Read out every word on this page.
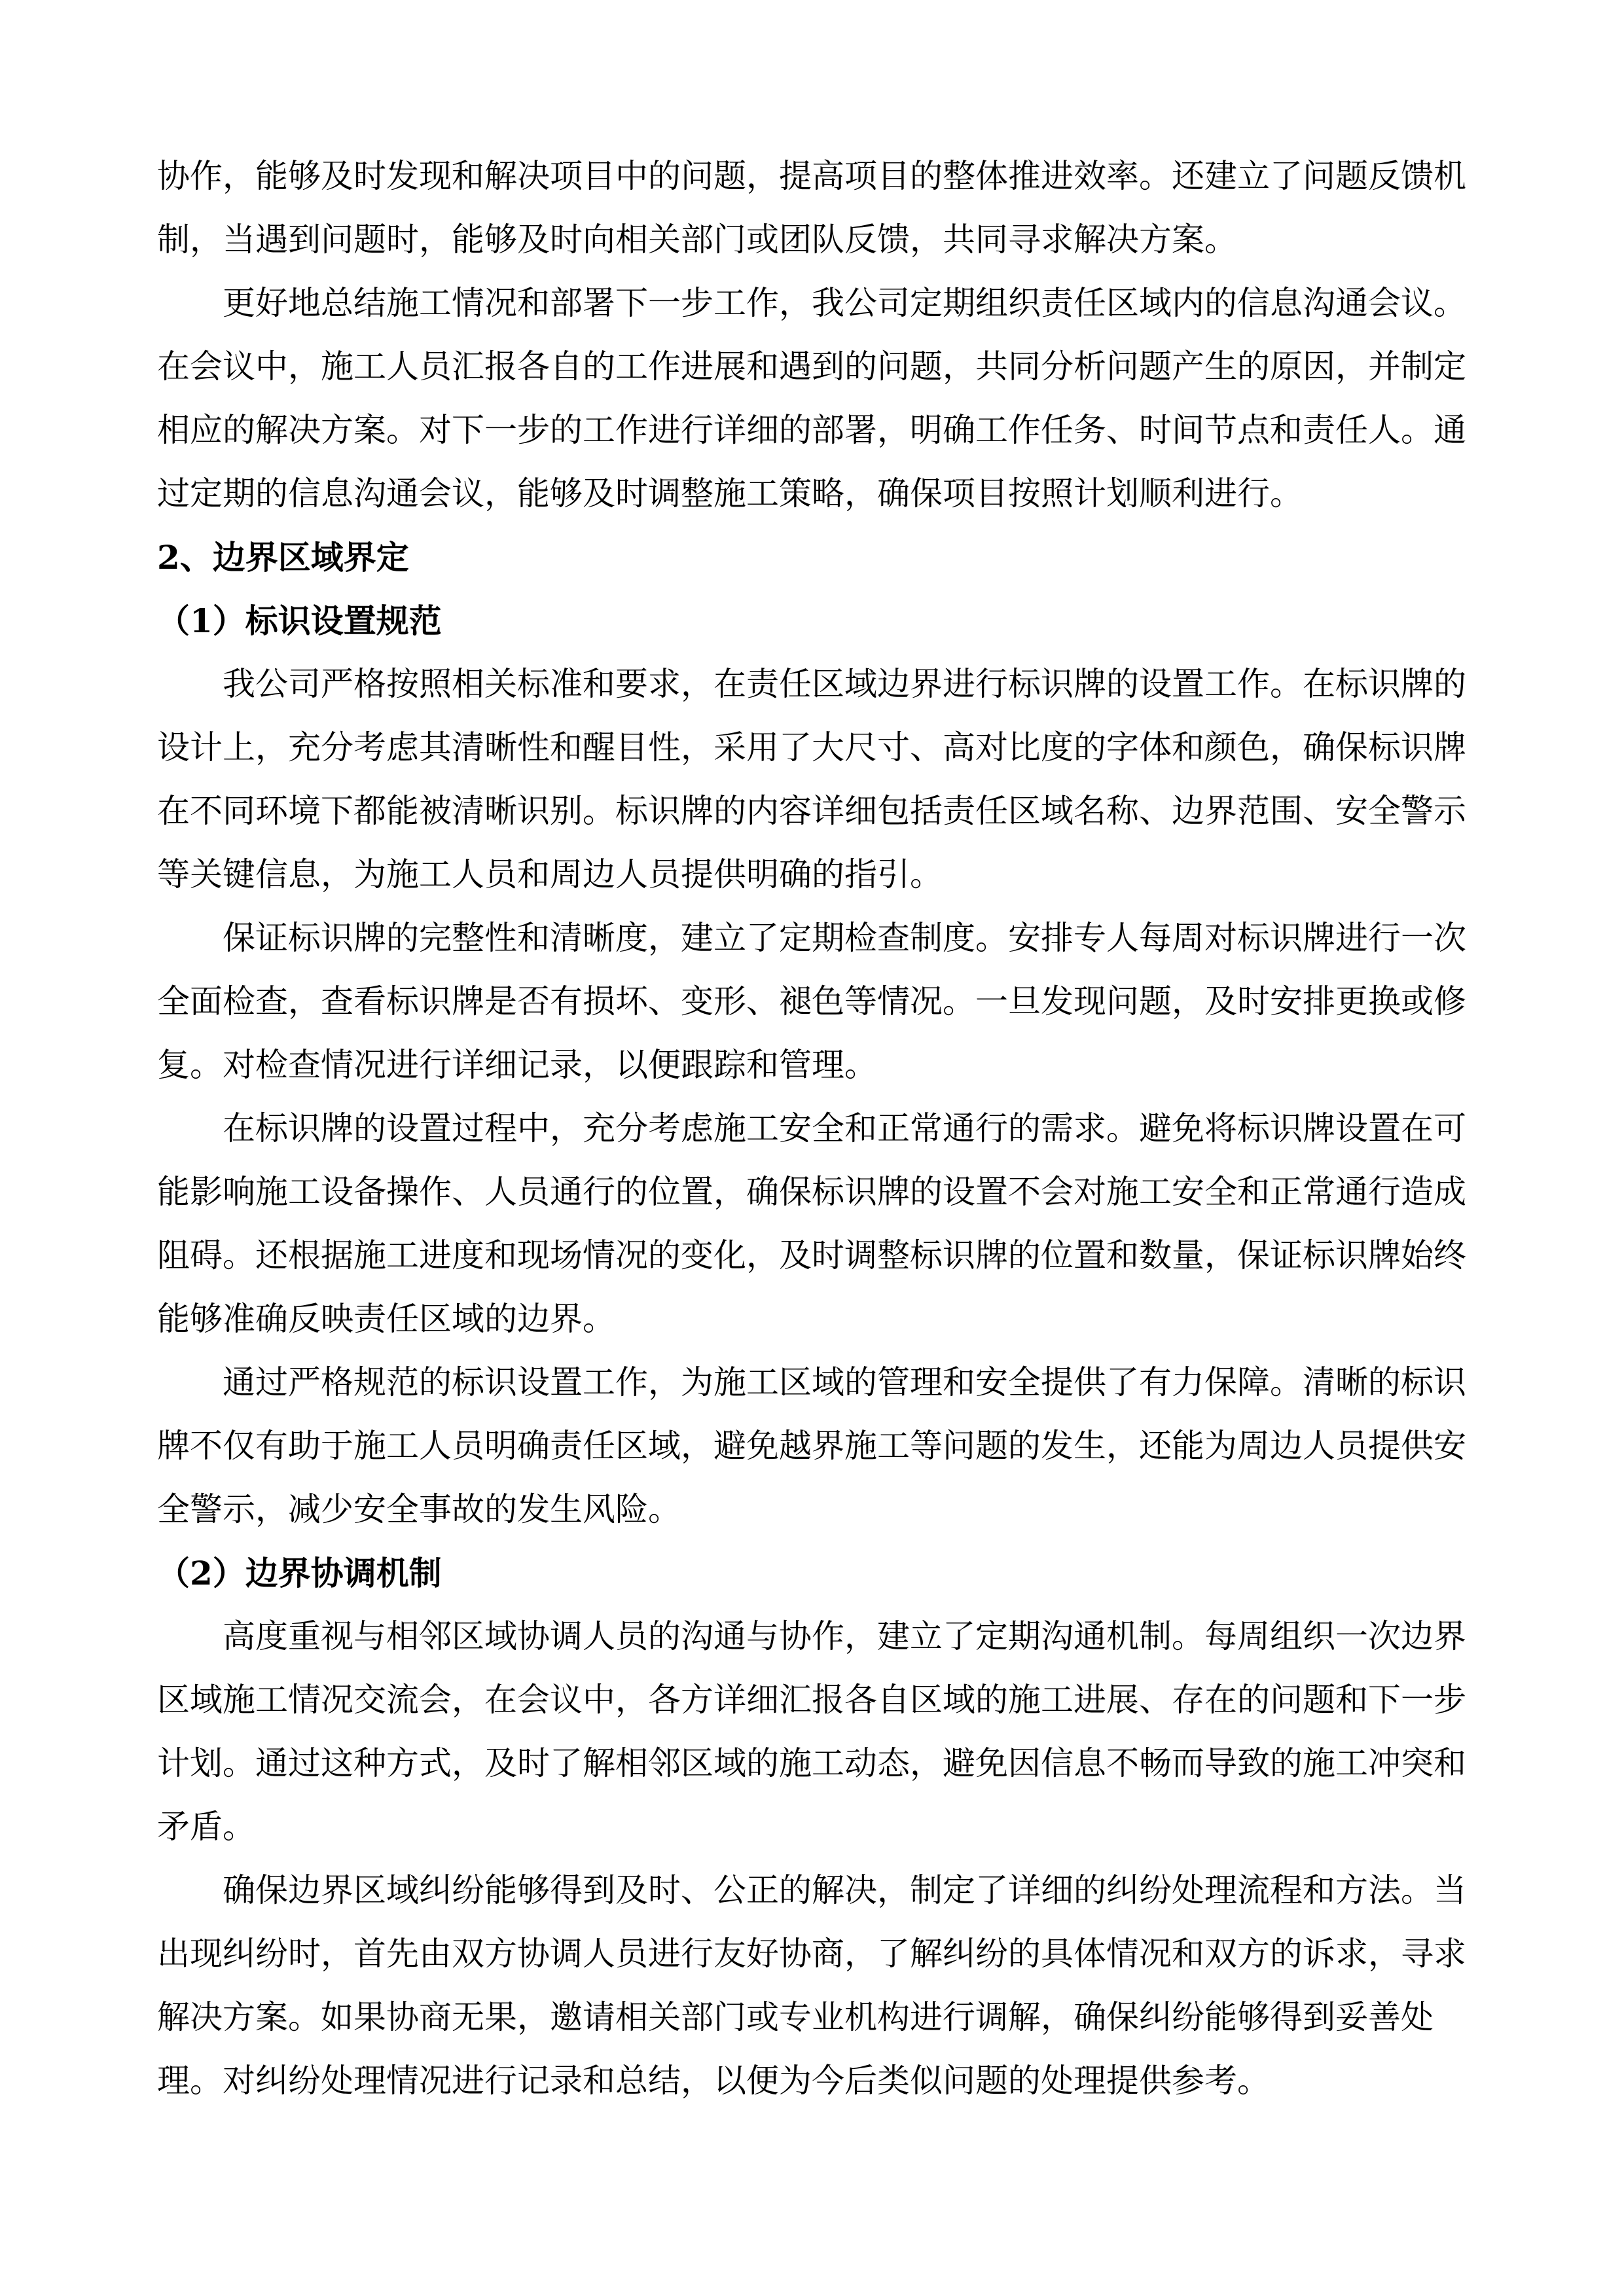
协作，能够及时发现和解决项目中的问题，提高项目的整体推进效率。还建立了问题反馈机
制，当遇到问题时，能够及时向相关部门或团队反馈，共同寻求解决方案。
更好地总结施工情况和部署下一步工作，我公司定期组织责任区域内的信息沟通会议。
在会议中，施工人员汇报各自的工作进展和遇到的问题，共同分析问题产生的原因，并制定
相应的解决方案。对下一步的工作进行详细的部署，明确工作任务、时间节点和责任人。通
过定期的信息沟通会议，能够及时调整施工策略，确保项目按照计划顺利进行。
2、边界区域界定
（1）标识设置规范
我公司严格按照相关标准和要求，在责任区域边界进行标识牌的设置工作。在标识牌的
设计上，充分考虑其清晰性和醒目性，采用了大尺寸、高对比度的字体和颜色，确保标识牌
在不同环境下都能被清晰识别。标识牌的内容详细包括责任区域名称、边界范围、安全警示
等关键信息，为施工人员和周边人员提供明确的指引。
保证标识牌的完整性和清晰度，建立了定期检查制度。安排专人每周对标识牌进行一次
全面检查，查看标识牌是否有损坏、变形、褪色等情况。一旦发现问题，及时安排更换或修
复。对检查情况进行详细记录，以便跟踪和管理。
在标识牌的设置过程中，充分考虑施工安全和正常通行的需求。避免将标识牌设置在可
能影响施工设备操作、人员通行的位置，确保标识牌的设置不会对施工安全和正常通行造成
阻碍。还根据施工进度和现场情况的变化，及时调整标识牌的位置和数量，保证标识牌始终
能够准确反映责任区域的边界。
通过严格规范的标识设置工作，为施工区域的管理和安全提供了有力保障。清晰的标识
牌不仅有助于施工人员明确责任区域，避免越界施工等问题的发生，还能为周边人员提供安
全警示，减少安全事故的发生风险。
（2）边界协调机制
高度重视与相邻区域协调人员的沟通与协作，建立了定期沟通机制。每周组织一次边界
区域施工情况交流会，在会议中，各方详细汇报各自区域的施工进展、存在的问题和下一步
计划。通过这种方式，及时了解相邻区域的施工动态，避免因信息不畅而导致的施工冲突和
矛盾。
确保边界区域纠纷能够得到及时、公正的解决，制定了详细的纠纷处理流程和方法。当
出现纠纷时，首先由双方协调人员进行友好协商，了解纠纷的具体情况和双方的诉求，寻求
解决方案。如果协商无果，邀请相关部门或专业机构进行调解，确保纠纷能够得到妥善处
理。对纠纷处理情况进行记录和总结，以便为今后类似问题的处理提供参考。
